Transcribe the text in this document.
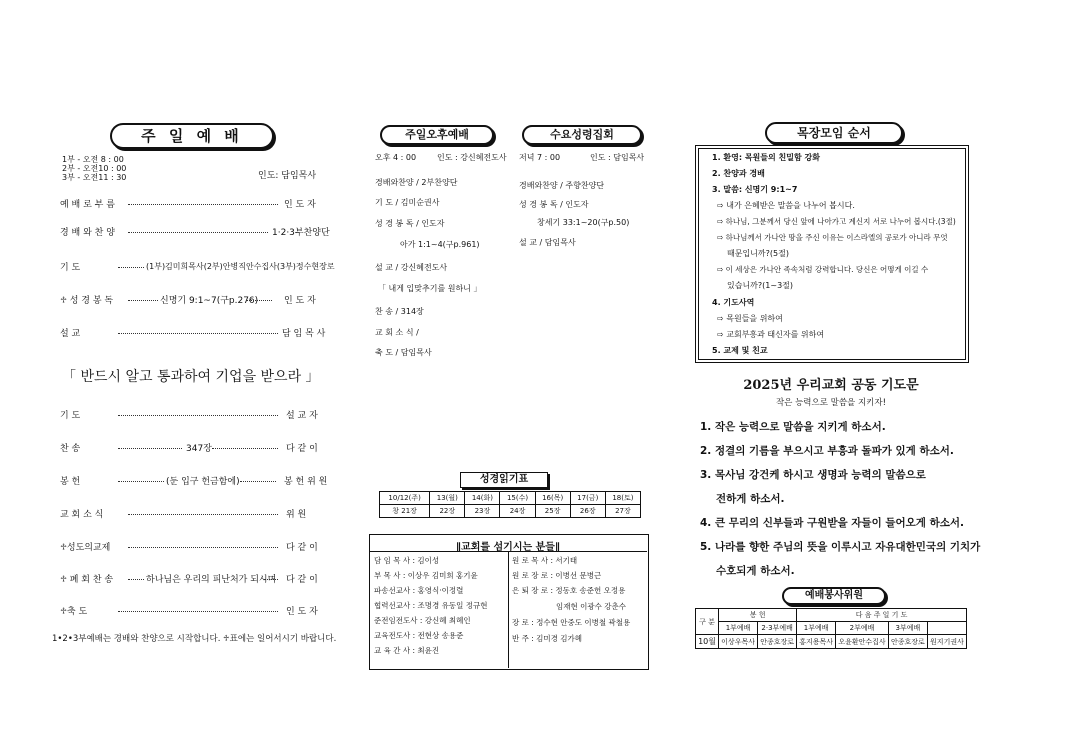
주 일 예 배
1부 - 오전 8 : 00
2부 - 오전10 : 00
3부 - 오전11 : 30	인도: 담임목사
예 배 로 부 름	인 도 자
경 배 와 찬 양	1·2·3부찬양단
기 도	(1부)김미희목사(2부)안병직안수집사(3부)정수현장로
♱ 성 경 봉 독	신명기 9:1~7(구p.276)	인 도 자
설 교	담 임 목 사
「 반드시 알고 통과하여 기업을 받으라 」
기 도	설 교 자
찬 송	347장	다 같 이
봉 헌	(둔 입구 헌금함에)	봉 헌 위 원
교 회 소 식	위 원
♱성도의교제	다 같 이
♱ 폐 회 찬 송	하나님은 우리의 피난처가 되시며 다 같 이
♱축 도	인 도 자
1•2•3부예배는 경배와 찬양으로 시작합니다. ♱표에는 일어서시기 바랍니다.
주일오후예배	수요성령집회
오후 4 : 00	인도 : 강신혜전도사
경배와찬양 / 2부찬양단
기 도 / 김미순권사
성 경 봉 독 / 인도자
아가 1:1~4(구p.961)
설 교 / 강신혜전도사
「 내게 입맞추기를 원하니 」
찬 송 / 314장
교 회 소 식 /
축 도 / 담임목사
저녁 7 : 00	인도 : 담임목사
경배와찬양 / 주향찬양단
성 경 봉 독 / 인도자
창세기 33:1~20(구p.50)
설 교 / 담임목사
성경읽기표
10/12(주)	13(월)	14(화)	15(수)	16(목)	17(금)	18(토)
창 21장	22장	23장	24장	25장	26장	27장
∥교회를 섬기시는 분들∥
담 임 목 사 : 김이성
부 목 사 : 이상우 김미희 홍기윤
파송선교사 : 홍영식·이정렬
협력선교사 : 조명경 유동일 정규현
준전임전도사 : 강신혜 최혜인
교육전도사 : 전현상 송용준
교 육 간 사 : 최윤진
원 로 목 사 : 서기태
원 로 장 로 : 이병선 문병근
은 퇴 장 로 : 정동호 송준헌 오정용
임재현 이광수 강춘수
장 로 : 정수현 안중도 이병철 곽철용
반 주 : 김미경 김가혜
목장모임 순서
1. 환영: 목원들의 친밀함 강화
2. 찬양과 경배
3. 말씀: 신명기 9:1~7
⇨ 내가 은혜받은 말씀을 나누어 봅시다.
⇨ 하나님, 그분께서 당신 앞에 나아가고 계신지 서로 나누어 봅시다.(3절)
⇨ 하나님께서 가나안 땅을 주신 이유는 이스라엘의 공로가 아니라 무엇
때문입니까?(5절)
⇨ 이 세상은 가나안 족속처럼 강력합니다. 당신은 어떻게 이길 수
있습니까?(1~3절)
4. 기도사역
⇨ 목원들을 위하여
⇨ 교회부흥과 태신자를 위하여
5. 교제 및 친교
2025년 우리교회 공동 기도문
작은 능력으로 말씀을 지키자!
1. 작은 능력으로 말씀을 지키게 하소서.
2. 정결의 기름을 부으시고 부흥과 돌파가 있게 하소서.
3. 목사님 강건케 하시고 생명과 능력의 말씀으로
전하게 하소서.
4. 큰 무리의 신부들과 구원받을 자들이 들어오게 하소서.
5. 나라를 향한 주님의 뜻을 이루시고 자유대한민국의 기치가
수호되게 하소서.
예배봉사위원
구 분	봉 헌		다 음 주 일 기 도			
	1부예배	2·3부예배	1부예배	2부예배	3부예배	
10월	이상우목사	안종호장로	홍지용목사	오윤환안수집사	안종호장로	원지기권사
